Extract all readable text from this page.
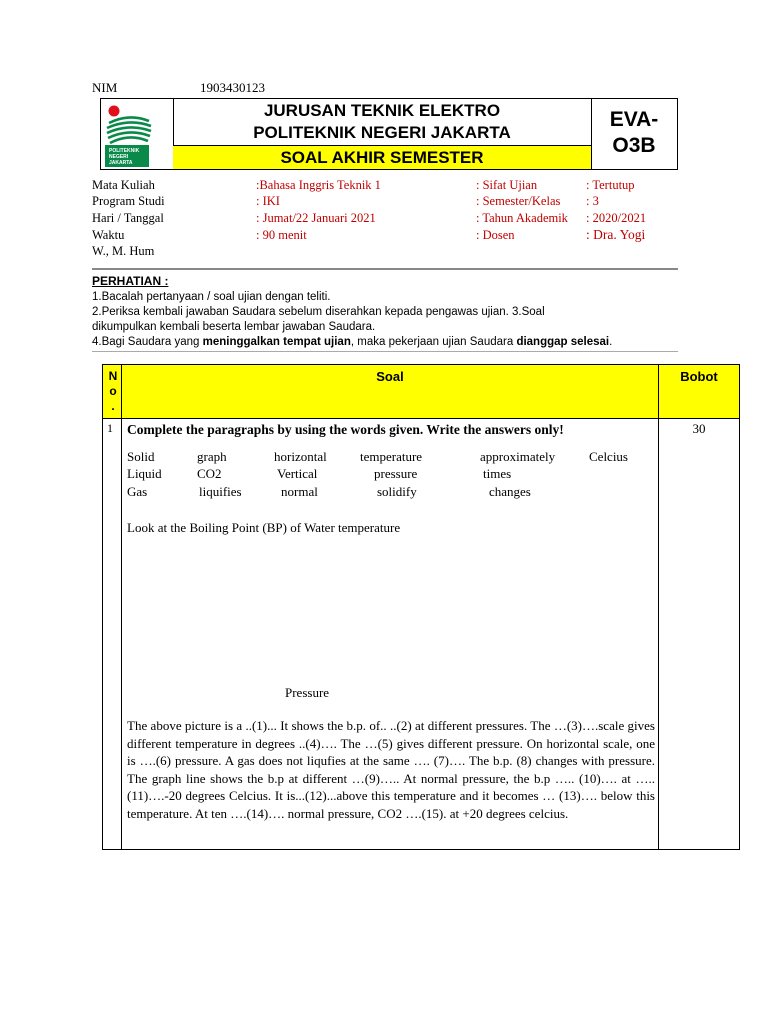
NIM	1903430123
POLITEKNIK
NEGERI
JAKARTA
JURUSAN TEKNIK ELEKTRO
POLITEKNIK NEGERI JAKARTA
SOAL AKHIR SEMESTER
EVA-
O3B
Mata Kuliah	:Bahasa Inggris Teknik 1	: Sifat Ujian	: Tertutup
Program Studi	: IKI	: Semester/Kelas : 3
Hari / Tanggal	: Jumat/22 Januari 2021	: Tahun Akademik : 2020/2021
Waktu	: 90 menit	: Dosen	: Dra. Yogi
W., M. Hum
PERHATIAN :
1.Bacalah pertanyaan / soal ujian dengan teliti.
2.Periksa kembali jawaban Saudara sebelum diserahkan kepada pengawas ujian. 3.Soal
dikumpulkan kembali beserta lembar jawaban Saudara.
4.Bagi Saudara yang meninggalkan tempat ujian, maka pekerjaan ujian Saudara dianggap selesai.
N
o
.
Soal	Bobot
1	30
Complete the paragraphs by using the words given. Write the answers only!
Solid	graph	horizontal	temperature	approximately	Celcius
Liquid	CO2	Vertical	pressure	times
Gas	liquifies	normal	solidify	changes
Look at the Boiling Point (BP) of Water temperature
Pressure
The above picture is a ..(1)... It shows the b.p. of.. ..(2) at different pressures. The …(3)….scale gives different temperature in degrees ..(4)…. The …(5) gives different pressure. On horizontal scale, one is ….(6) pressure. A gas does not liqufies at the same …. (7)…. The b.p. (8) changes with pressure. The graph line shows the b.p at different …(9)….. At normal pressure, the b.p ….. (10)…. at …..(11)….-20 degrees Celcius. It is...(12)...above this temperature and it becomes … (13)…. below this temperature. At ten ….(14)…. normal pressure, CO2 ….(15). at +20 degrees celcius.
